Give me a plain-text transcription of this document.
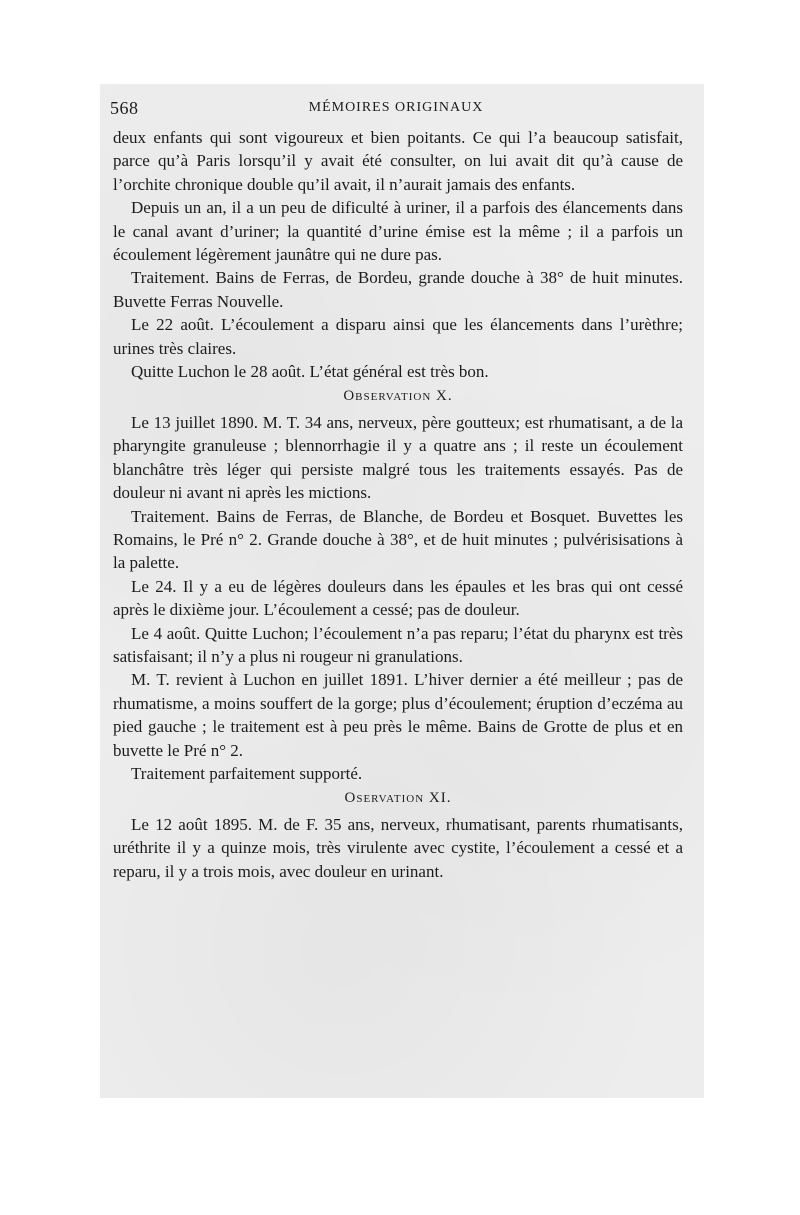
568	MÉMOIRES ORIGINAUX

deux enfants qui sont vigoureux et bien poitants. Ce qui l’a beaucoup satisfait, parce qu’à Paris lorsqu’il y avait été consulter, on lui avait dit qu’à cause de l’orchite chronique double qu’il avait, il n’aurait jamais des enfants.

Depuis un an, il a un peu de dificulté à uriner, il a parfois des élancements dans le canal avant d’uriner; la quantité d’urine émise est la même ; il a parfois un écoulement légèrement jaunâtre qui ne dure pas.

Traitement. Bains de Ferras, de Bordeu, grande douche à 38° de huit minutes. Buvette Ferras Nouvelle.

Le 22 août. L’écoulement a disparu ainsi que les élancements dans l’urèthre; urines très claires.

Quitte Luchon le 28 août. L’état général est très bon.

Observation X.

Le 13 juillet 1890. M. T. 34 ans, nerveux, père goutteux; est rhumatisant, a de la pharyngite granuleuse ; blennorrhagie il y a quatre ans ; il reste un écoulement blanchâtre très léger qui persiste malgré tous les traitements essayés. Pas de douleur ni avant ni après les mictions.

Traitement. Bains de Ferras, de Blanche, de Bordeu et Bosquet. Buvettes les Romains, le Pré n° 2. Grande douche à 38°, et de huit minutes ; pulvérisisations à la palette.

Le 24. Il y a eu de légères douleurs dans les épaules et les bras qui ont cessé après le dixième jour. L’écoulement a cessé; pas de douleur.

Le 4 août. Quitte Luchon; l’écoulement n’a pas reparu; l’état du pharynx est très satisfaisant; il n’y a plus ni rougeur ni granulations.

M. T. revient à Luchon en juillet 1891. L’hiver dernier a été meilleur ; pas de rhumatisme, a moins souffert de la gorge; plus d’écoulement; éruption d’eczéma au pied gauche ; le traitement est à peu près le même. Bains de Grotte de plus et en buvette le Pré n° 2.

Traitement parfaitement supporté.

Oservation XI.

Le 12 août 1895. M. de F. 35 ans, nerveux, rhumatisant, parents rhumatisants, uréthrite il y a quinze mois, très virulente avec cystite, l’écoulement a cessé et a reparu, il y a trois mois, avec douleur en urinant.
